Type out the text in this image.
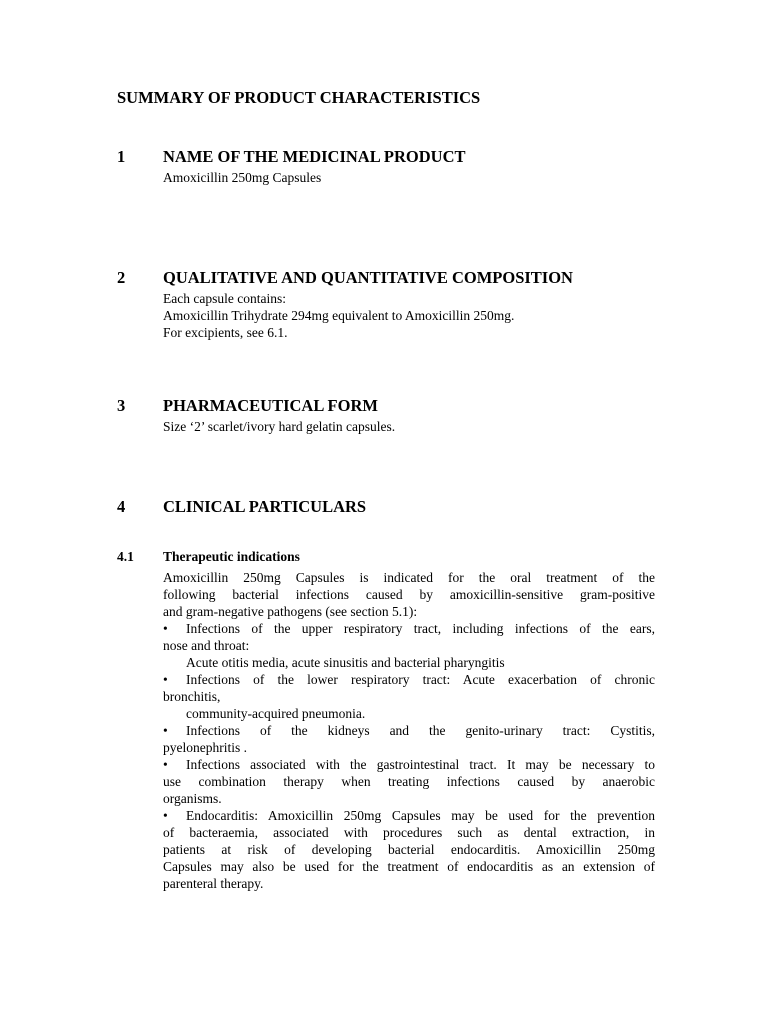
SUMMARY OF PRODUCT CHARACTERISTICS
1 NAME OF THE MEDICINAL PRODUCT
Amoxicillin 250mg Capsules
2 QUALITATIVE AND QUANTITATIVE COMPOSITION
Each capsule contains:
Amoxicillin Trihydrate 294mg equivalent to Amoxicillin 250mg.
For excipients, see 6.1.
3 PHARMACEUTICAL FORM
Size ‘2’ scarlet/ivory hard gelatin capsules.
4 CLINICAL PARTICULARS
4.1 Therapeutic indications
Amoxicillin 250mg Capsules is indicated for the oral treatment of the
following bacterial infections caused by amoxicillin-sensitive gram-positive
and gram-negative pathogens (see section 5.1):
• Infections of the upper respiratory tract, including infections of the ears,
nose and throat:
Acute otitis media, acute sinusitis and bacterial pharyngitis
• Infections of the lower respiratory tract: Acute exacerbation of chronic
bronchitis,
community-acquired pneumonia.
• Infections of the kidneys and the genito-urinary tract: Cystitis,
pyelonephritis .
• Infections associated with the gastrointestinal tract. It may be necessary to
use combination therapy when treating infections caused by anaerobic
organisms.
• Endocarditis: Amoxicillin 250mg Capsules may be used for the prevention
of bacteraemia, associated with procedures such as dental extraction, in
patients at risk of developing bacterial endocarditis. Amoxicillin 250mg
Capsules may also be used for the treatment of endocarditis as an extension of
parenteral therapy.
